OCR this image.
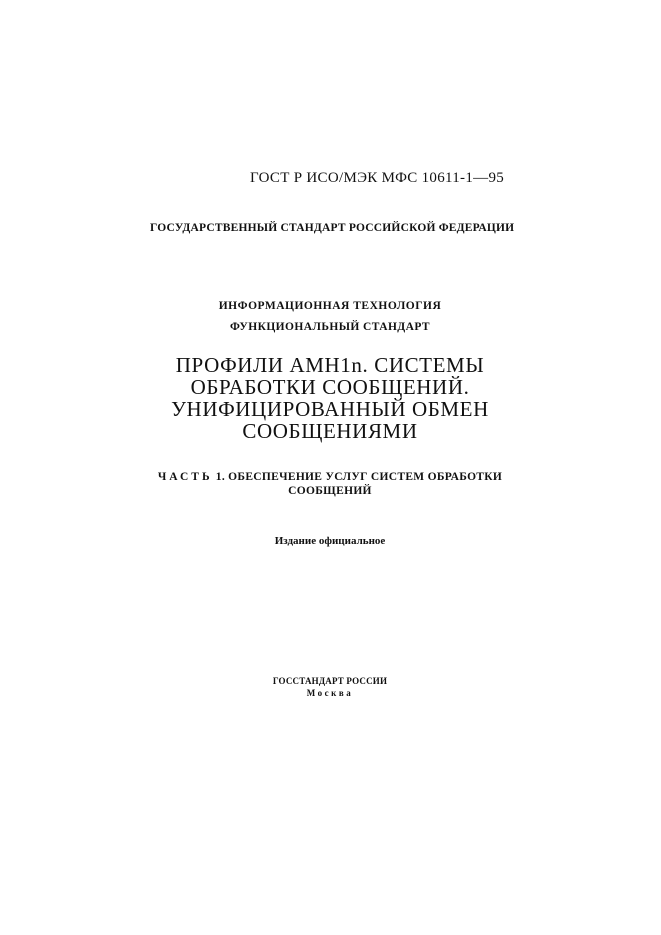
ГОСТ Р ИСО/МЭК МФС 10611-1—95
ГОСУДАРСТВЕННЫЙ СТАНДАРТ РОССИЙСКОЙ ФЕДЕРАЦИИ
ИНФОРМАЦИОННАЯ ТЕХНОЛОГИЯ
ФУНКЦИОНАЛЬНЫЙ СТАНДАРТ
ПРОФИЛИ АМН1n. СИСТЕМЫ
ОБРАБОТКИ СООБЩЕНИЙ.
УНИФИЦИРОВАННЫЙ ОБМЕН
СООБЩЕНИЯМИ
ЧАСТЬ 1. ОБЕСПЕЧЕНИЕ УСЛУГ СИСТЕМ ОБРАБОТКИ
СООБЩЕНИЙ
Издание официальное
ГОССТАНДАРТ РОССИИ
Москва
